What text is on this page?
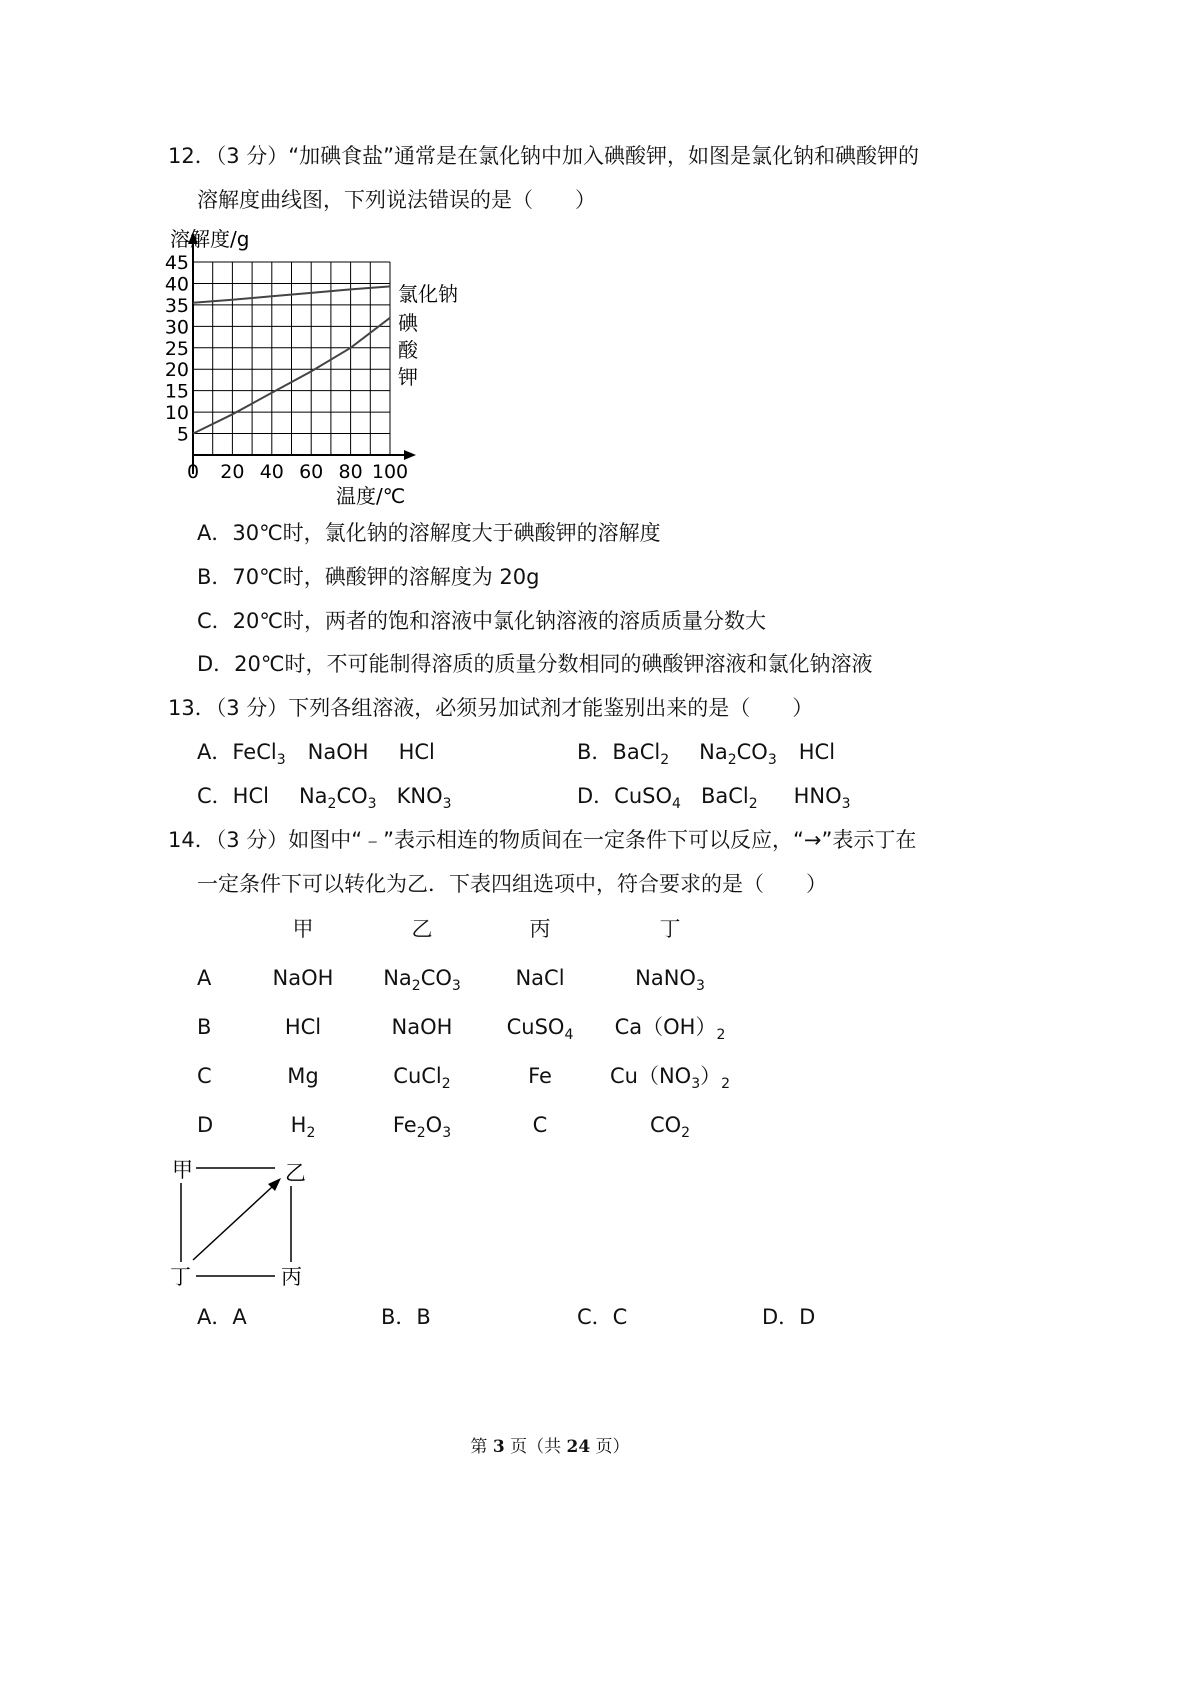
12．（3 分）“加碘食盐”通常是在氯化钠中加入碘酸钾，如图是氯化钠和碘酸钾的
溶解度曲线图，下列说法错误的是（　　）
45
40
35
30
25
20
15
10
5
0 20 40 60 80 100
溶解度/g
温度/℃
氯化钠
碘
酸
钾
A．30℃时，氯化钠的溶解度大于碘酸钾的溶解度
B．70℃时，碘酸钾的溶解度为 20g
C．20℃时，两者的饱和溶液中氯化钠溶液的溶质质量分数大
D．20℃时，不可能制得溶质的质量分数相同的碘酸钾溶液和氯化钠溶液
13．（3 分）下列各组溶液，必须另加试剂才能鉴别出来的是（　　）
A．FeCl$_3$ NaOH HCl	B．BaCl$_2$ $Na_2CO_3$ HCl
C．HCl $Na_2CO_3$ $KNO_3$	D．CuSO$_4$ BaCl$_2$ $HNO_3$
14．（3 分）如图中“﹣”表示相连的物质间在一定条件下可以反应，“→”表示丁在
一定条件下可以转化为乙．下表四组选项中，符合要求的是（　　）
甲	乙	丙	丁
A	NaOH	$Na_2CO_3$	NaCl	NaNO$_3$
B	HCl	NaOH	CuSO$_4$	$Ca(OH)_2$
C	Mg	CuCl$_2$	Fe	$Cu(NO_3)_2$
D	$H_2$	$Fe_2O_3$	C	$CO_2$
甲	乙
丁	丙
A．A	B．B	C．C	D．D
第 3 页（共 24 页）
